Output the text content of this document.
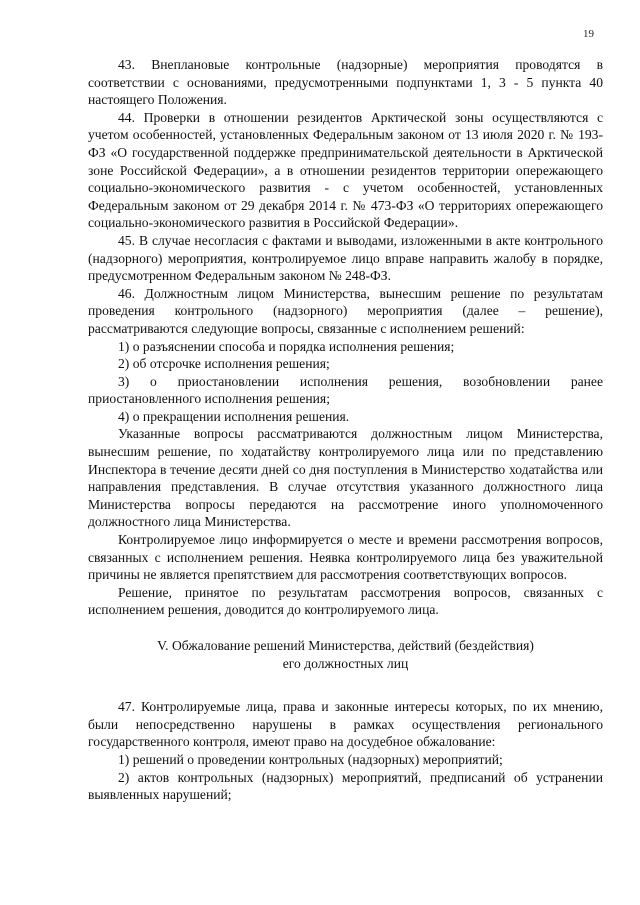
19

43. Внеплановые контрольные (надзорные) мероприятия проводятся в соответствии с основаниями, предусмотренными подпунктами 1, 3 - 5 пункта 40 настоящего Положения.

44. Проверки в отношении резидентов Арктической зоны осуществляются с учетом особенностей, установленных Федеральным законом от 13 июля 2020 г. № 193-ФЗ «О государственной поддержке предпринимательской деятельности в Арктической зоне Российской Федерации», а в отношении резидентов территории опережающего социально-экономического развития - с учетом особенностей, установленных Федеральным законом от 29 декабря 2014 г. № 473-ФЗ «О территориях опережающего социально-экономического развития в Российской Федерации».

45. В случае несогласия с фактами и выводами, изложенными в акте контрольного (надзорного) мероприятия, контролируемое лицо вправе направить жалобу в порядке, предусмотренном Федеральным законом № 248-ФЗ.

46. Должностным лицом Министерства, вынесшим решение по результатам проведения контрольного (надзорного) мероприятия (далее – решение), рассматриваются следующие вопросы, связанные с исполнением решений:

1) о разъяснении способа и порядка исполнения решения;

2) об отсрочке исполнения решения;

3) о приостановлении исполнения решения, возобновлении ранее приостановленного исполнения решения;

4) о прекращении исполнения решения.

Указанные вопросы рассматриваются должностным лицом Министерства, вынесшим решение, по ходатайству контролируемого лица или по представлению Инспектора в течение десяти дней со дня поступления в Министерство ходатайства или направления представления. В случае отсутствия указанного должностного лица Министерства вопросы передаются на рассмотрение иного уполномоченного должностного лица Министерства.

Контролируемое лицо информируется о месте и времени рассмотрения вопросов, связанных с исполнением решения. Неявка контролируемого лица без уважительной причины не является препятствием для рассмотрения соответствующих вопросов.

Решение, принятое по результатам рассмотрения вопросов, связанных с исполнением решения, доводится до контролируемого лица.

V. Обжалование решений Министерства, действий (бездействия)
его должностных лиц

47. Контролируемые лица, права и законные интересы которых, по их мнению, были непосредственно нарушены в рамках осуществления регионального государственного контроля, имеют право на досудебное обжалование:

1) решений о проведении контрольных (надзорных) мероприятий;

2) актов контрольных (надзорных) мероприятий, предписаний об устранении выявленных нарушений;
